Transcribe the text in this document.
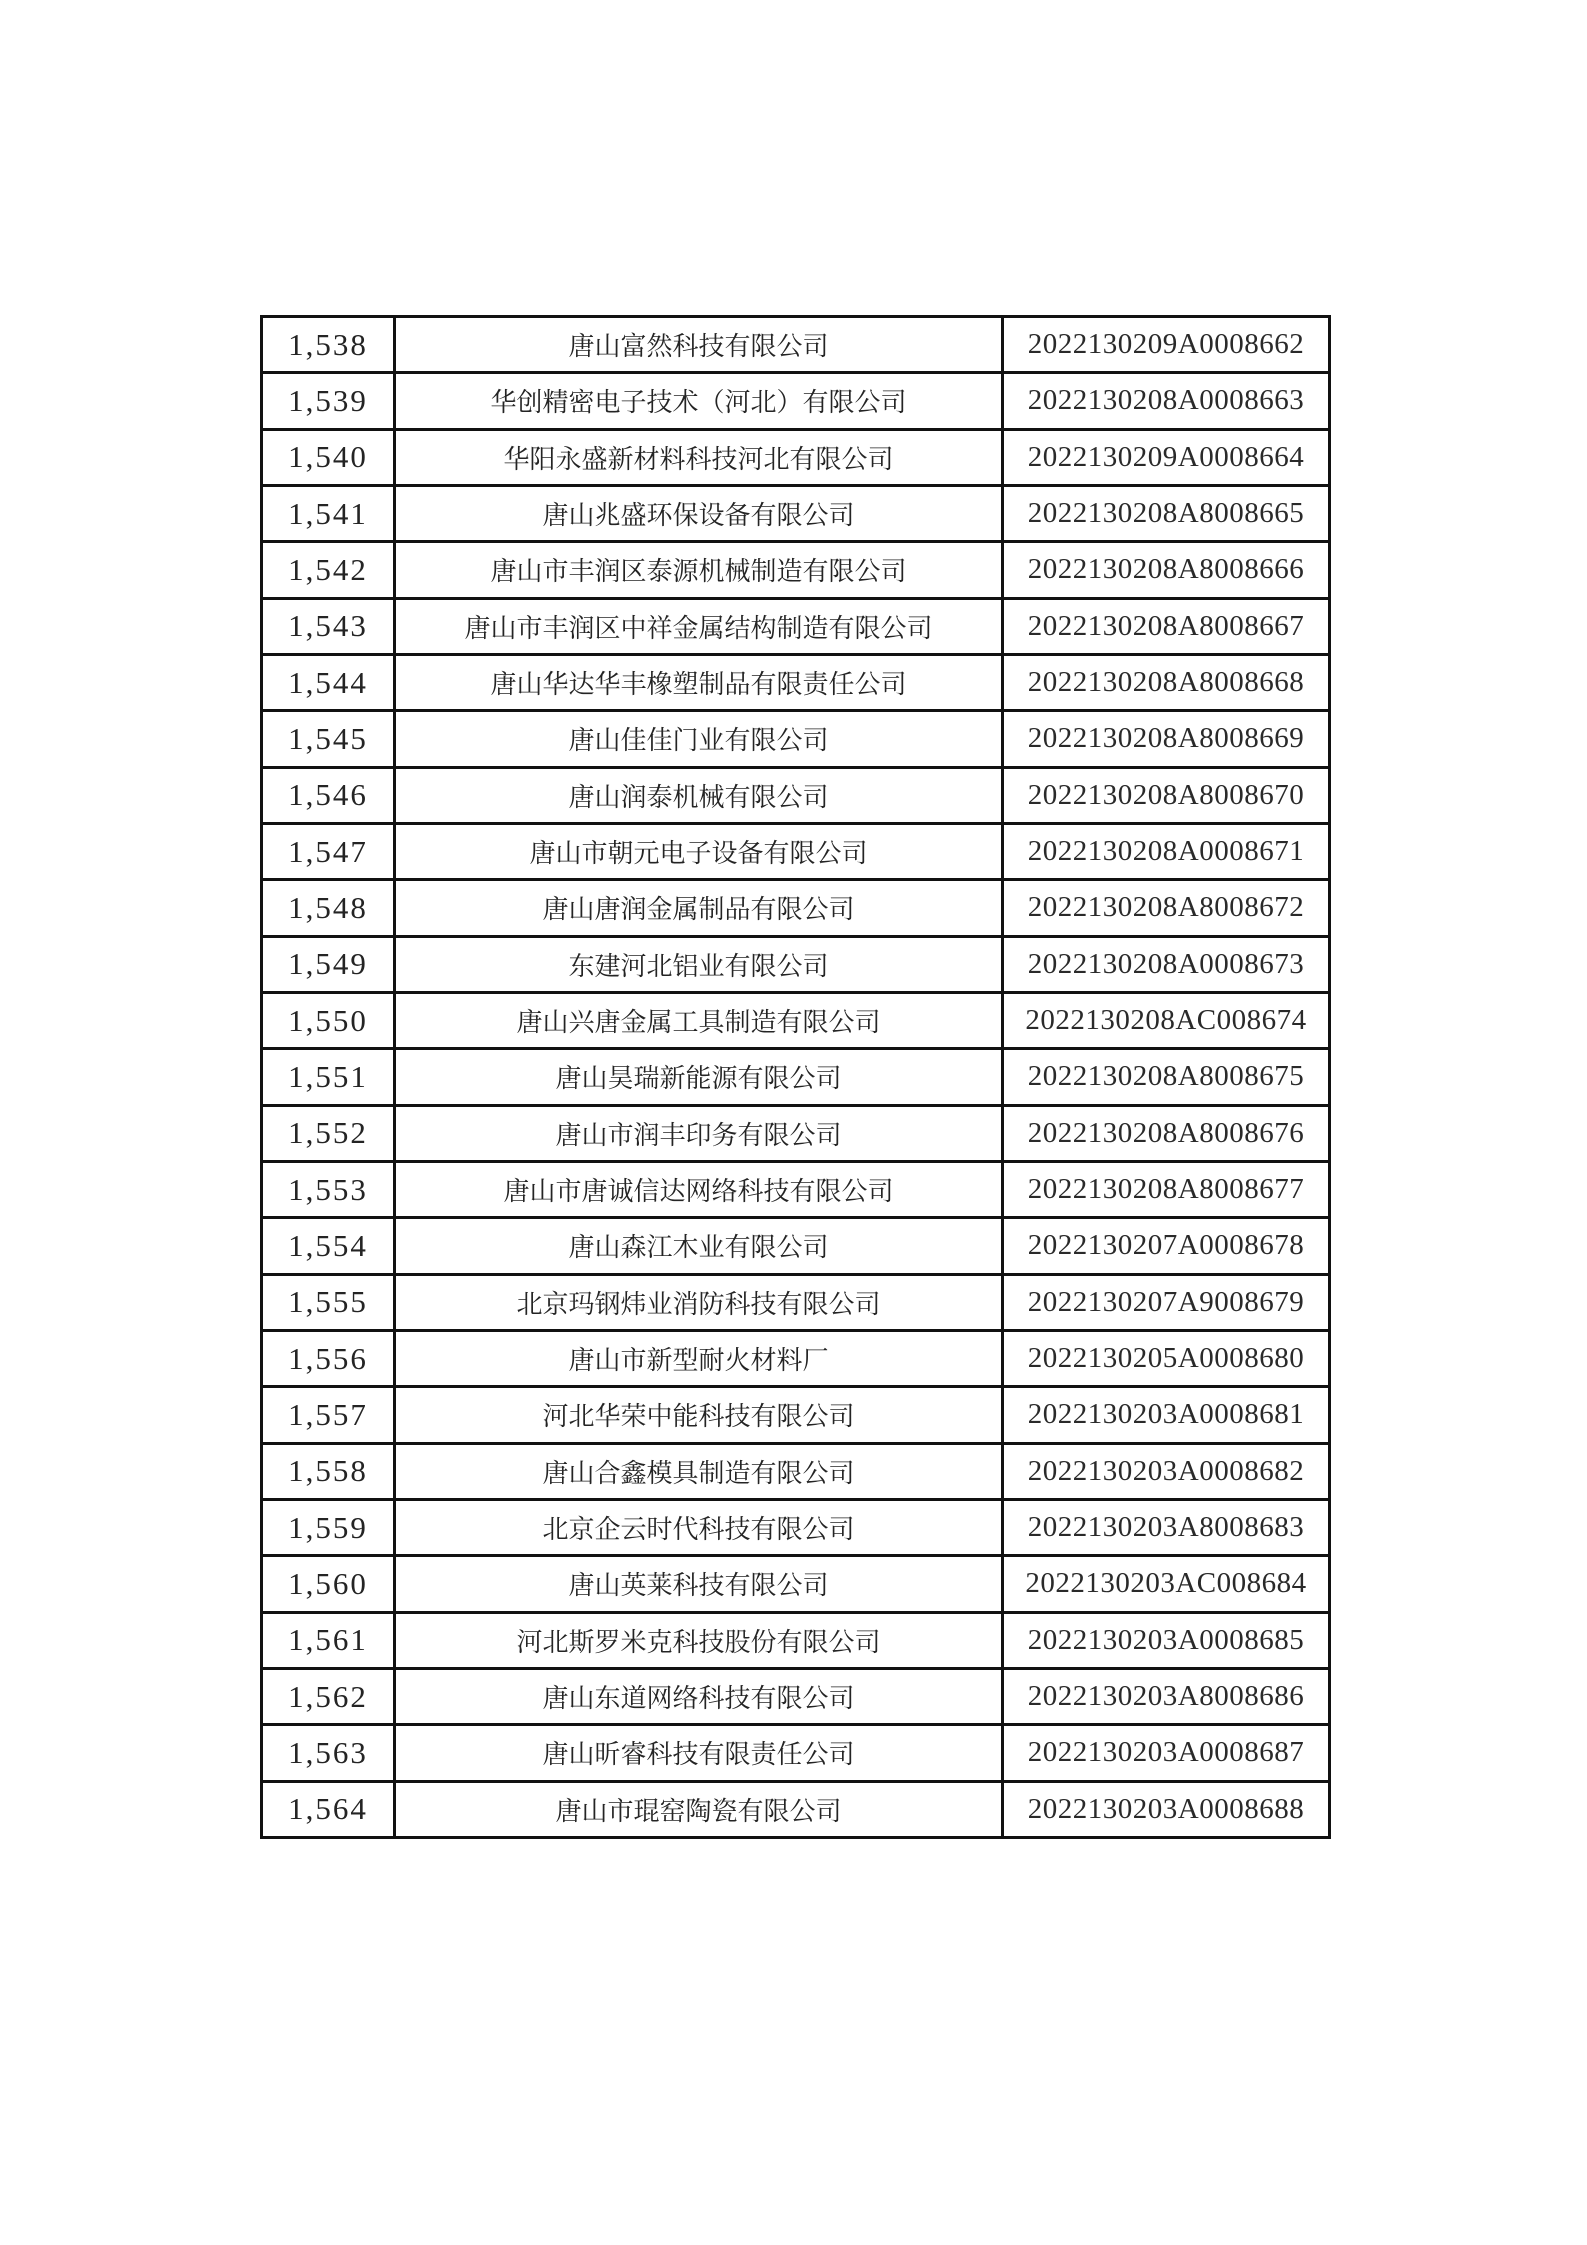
1,538	唐山富然科技有限公司	2022130209A0008662
1,539	华创精密电子技术（河北）有限公司	2022130208A0008663
1,540	华阳永盛新材料科技河北有限公司	2022130209A0008664
1,541	唐山兆盛环保设备有限公司	2022130208A8008665
1,542	唐山市丰润区泰源机械制造有限公司	2022130208A8008666
1,543	唐山市丰润区中祥金属结构制造有限公司	2022130208A8008667
1,544	唐山华达华丰橡塑制品有限责任公司	2022130208A8008668
1,545	唐山佳佳门业有限公司	2022130208A8008669
1,546	唐山润泰机械有限公司	2022130208A8008670
1,547	唐山市朝元电子设备有限公司	2022130208A0008671
1,548	唐山唐润金属制品有限公司	2022130208A8008672
1,549	东建河北铝业有限公司	2022130208A0008673
1,550	唐山兴唐金属工具制造有限公司	2022130208AC008674
1,551	唐山昊瑞新能源有限公司	2022130208A8008675
1,552	唐山市润丰印务有限公司	2022130208A8008676
1,553	唐山市唐诚信达网络科技有限公司	2022130208A8008677
1,554	唐山森江木业有限公司	2022130207A0008678
1,555	北京玛钢炜业消防科技有限公司	2022130207A9008679
1,556	唐山市新型耐火材料厂	2022130205A0008680
1,557	河北华荣中能科技有限公司	2022130203A0008681
1,558	唐山合鑫模具制造有限公司	2022130203A0008682
1,559	北京企云时代科技有限公司	2022130203A8008683
1,560	唐山英莱科技有限公司	2022130203AC008684
1,561	河北斯罗米克科技股份有限公司	2022130203A0008685
1,562	唐山东道网络科技有限公司	2022130203A8008686
1,563	唐山昕睿科技有限责任公司	2022130203A0008687
1,564	唐山市琨窑陶瓷有限公司	2022130203A0008688
